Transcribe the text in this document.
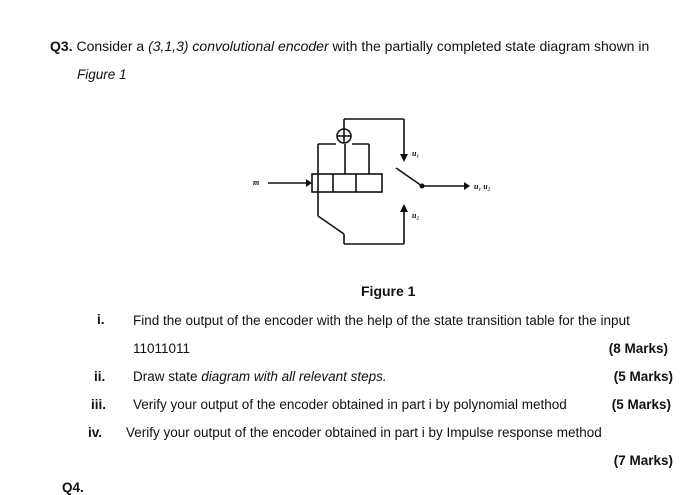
Q3. Consider a (3,1,3) convolutional encoder with the partially completed state diagram shown in
Figure 1
m
u₁
u₂
u₁ u₂
Figure 1
i. Find the output of the encoder with the help of the state transition table for the input
11011011	(8 Marks)
ii. Draw state diagram with all relevant steps.	(5 Marks)
iii. Verify your output of the encoder obtained in part i by polynomial method	(5 Marks)
iv. Verify your output of the encoder obtained in part i by Impulse response method
(7 Marks)
Q4.
